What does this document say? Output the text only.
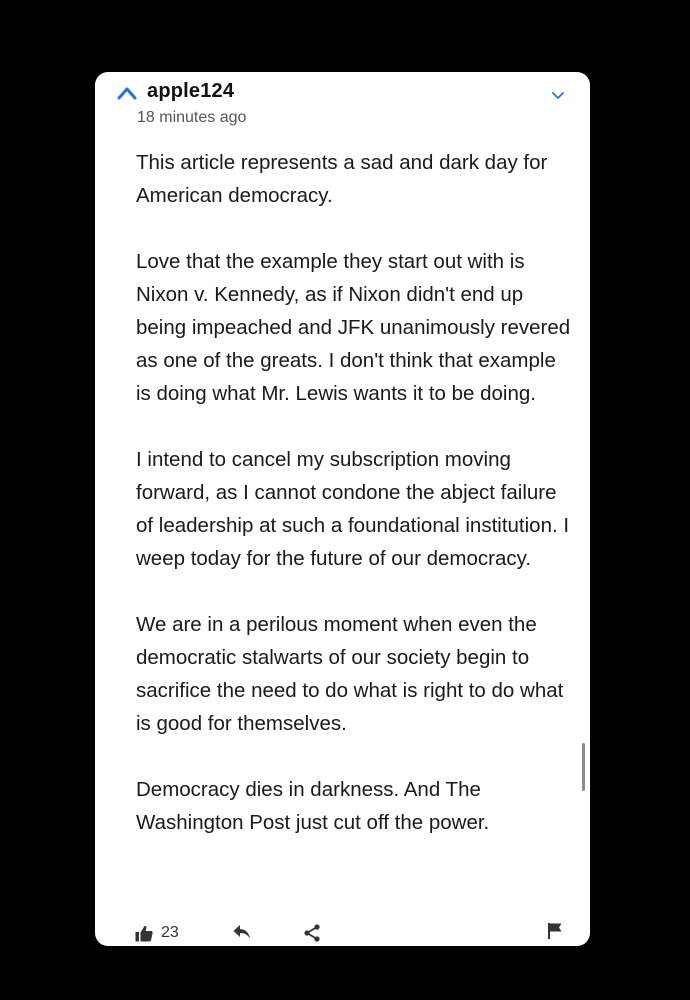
apple124
18 minutes ago

This article represents a sad and dark day for American democracy.

Love that the example they start out with is Nixon v. Kennedy, as if Nixon didn't end up being impeached and JFK unanimously revered as one of the greats. I don't think that example is doing what Mr. Lewis wants it to be doing.

I intend to cancel my subscription moving forward, as I cannot condone the abject failure of leadership at such a foundational institution. I weep today for the future of our democracy.

We are in a perilous moment when even the democratic stalwarts of our society begin to sacrifice the need to do what is right to do what is good for themselves.

Democracy dies in darkness. And The Washington Post just cut off the power.

23
